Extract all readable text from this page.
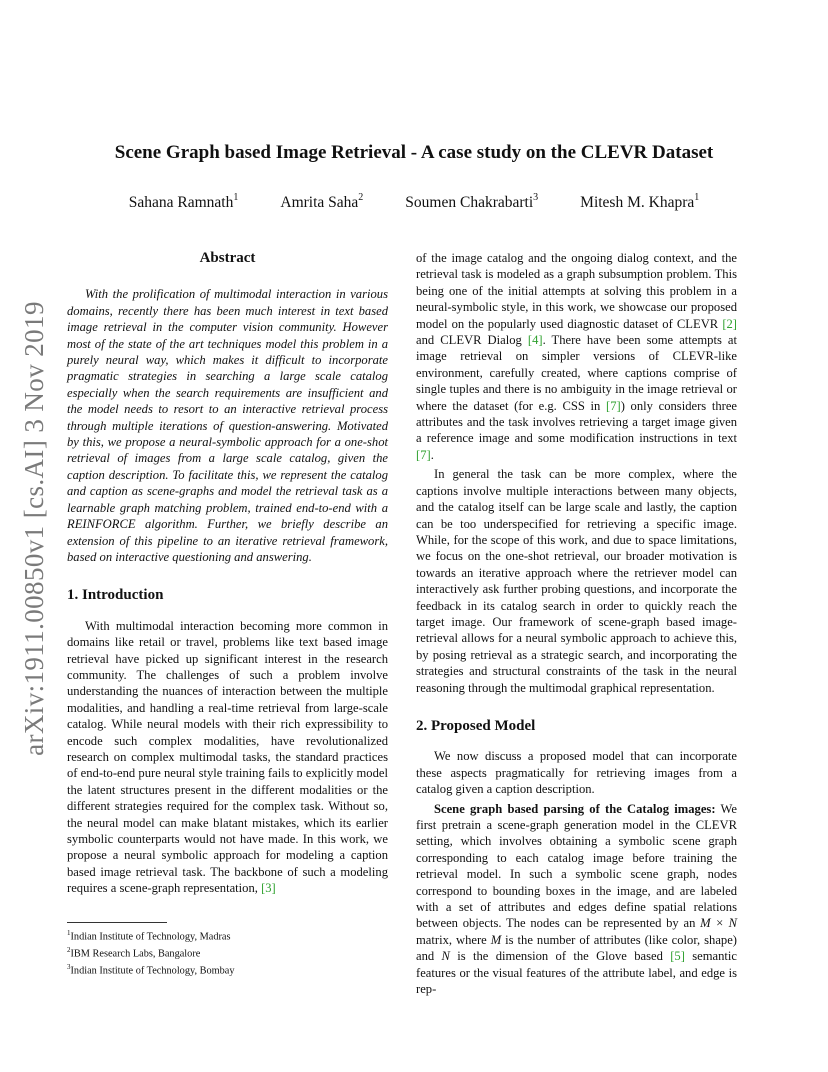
arXiv:1911.00850v1 [cs.AI] 3 Nov 2019
Scene Graph based Image Retrieval - A case study on the CLEVR Dataset
Sahana Ramnath$^1$	Amrita Saha$^2$	Soumen Chakrabarti$^3$	Mitesh M. Khapra$^1$
Abstract

With the prolification of multimodal interaction in various domains, recently there has been much interest in text based image retrieval in the computer vision community. However most of the state of the art techniques model this problem in a purely neural way, which makes it difficult to incorporate pragmatic strategies in searching a large scale catalog especially when the search requirements are insufficient and the model needs to resort to an interactive retrieval process through multiple iterations of question-answering. Motivated by this, we propose a neural-symbolic approach for a one-shot retrieval of images from a large scale catalog, given the caption description. To facilitate this, we represent the catalog and caption as scene-graphs and model the retrieval task as a learnable graph matching problem, trained end-to-end with a REINFORCE algorithm. Further, we briefly describe an extension of this pipeline to an iterative retrieval framework, based on interactive questioning and answering.

1. Introduction

With multimodal interaction becoming more common in domains like retail or travel, problems like text based image retrieval have picked up significant interest in the research community. The challenges of such a problem involve understanding the nuances of interaction between the multiple modalities, and handling a real-time retrieval from large-scale catalog. While neural models with their rich expressibility to encode such complex modalities, have revolutionalized research on complex multimodal tasks, the standard practices of end-to-end pure neural style training fails to explicitly model the latent structures present in the different modalities or the different strategies required for the complex task. Without so, the neural model can make blatant mistakes, which its earlier symbolic counterparts would not have made. In this work, we propose a neural symbolic approach for modeling a caption based image retrieval task. The backbone of such a modeling requires a scene-graph representation, [3]

$^1$Indian Institute of Technology, Madras
$^2$IBM Research Labs, Bangalore
$^3$Indian Institute of Technology, Bombay

of the image catalog and the ongoing dialog context, and the retrieval task is modeled as a graph subsumption problem. This being one of the initial attempts at solving this problem in a neural-symbolic style, in this work, we showcase our proposed model on the popularly used diagnostic dataset of CLEVR [2] and CLEVR Dialog [4]. There have been some attempts at image retrieval on simpler versions of CLEVR-like environment, carefully created, where captions comprise of single tuples and there is no ambiguity in the image retrieval or where the dataset (for e.g. CSS in [7]) only considers three attributes and the task involves retrieving a target image given a reference image and some modification instructions in text [7].

In general the task can be more complex, where the captions involve multiple interactions between many objects, and the catalog itself can be large scale and lastly, the caption can be too underspecified for retrieving a specific image. While, for the scope of this work, and due to space limitations, we focus on the one-shot retrieval, our broader motivation is towards an iterative approach where the retriever model can interactively ask further probing questions, and incorporate the feedback in its catalog search in order to quickly reach the target image. Our framework of scene-graph based image-retrieval allows for a neural symbolic approach to achieve this, by posing retrieval as a strategic search, and incorporating the strategies and structural constraints of the task in the neural reasoning through the multimodal graphical representation.

2. Proposed Model

We now discuss a proposed model that can incorporate these aspects pragmatically for retrieving images from a catalog given a caption description.

Scene graph based parsing of the Catalog images: We first pretrain a scene-graph generation model in the CLEVR setting, which involves obtaining a symbolic scene graph corresponding to each catalog image before training the retrieval model. In such a symbolic scene graph, nodes correspond to bounding boxes in the image, and are labeled with a set of attributes and edges define spatial relations between objects. The nodes can be represented by an M × N matrix, where M is the number of attributes (like color, shape) and N is the dimension of the Glove based [5] semantic features or the visual features of the attribute label, and edge is rep-
